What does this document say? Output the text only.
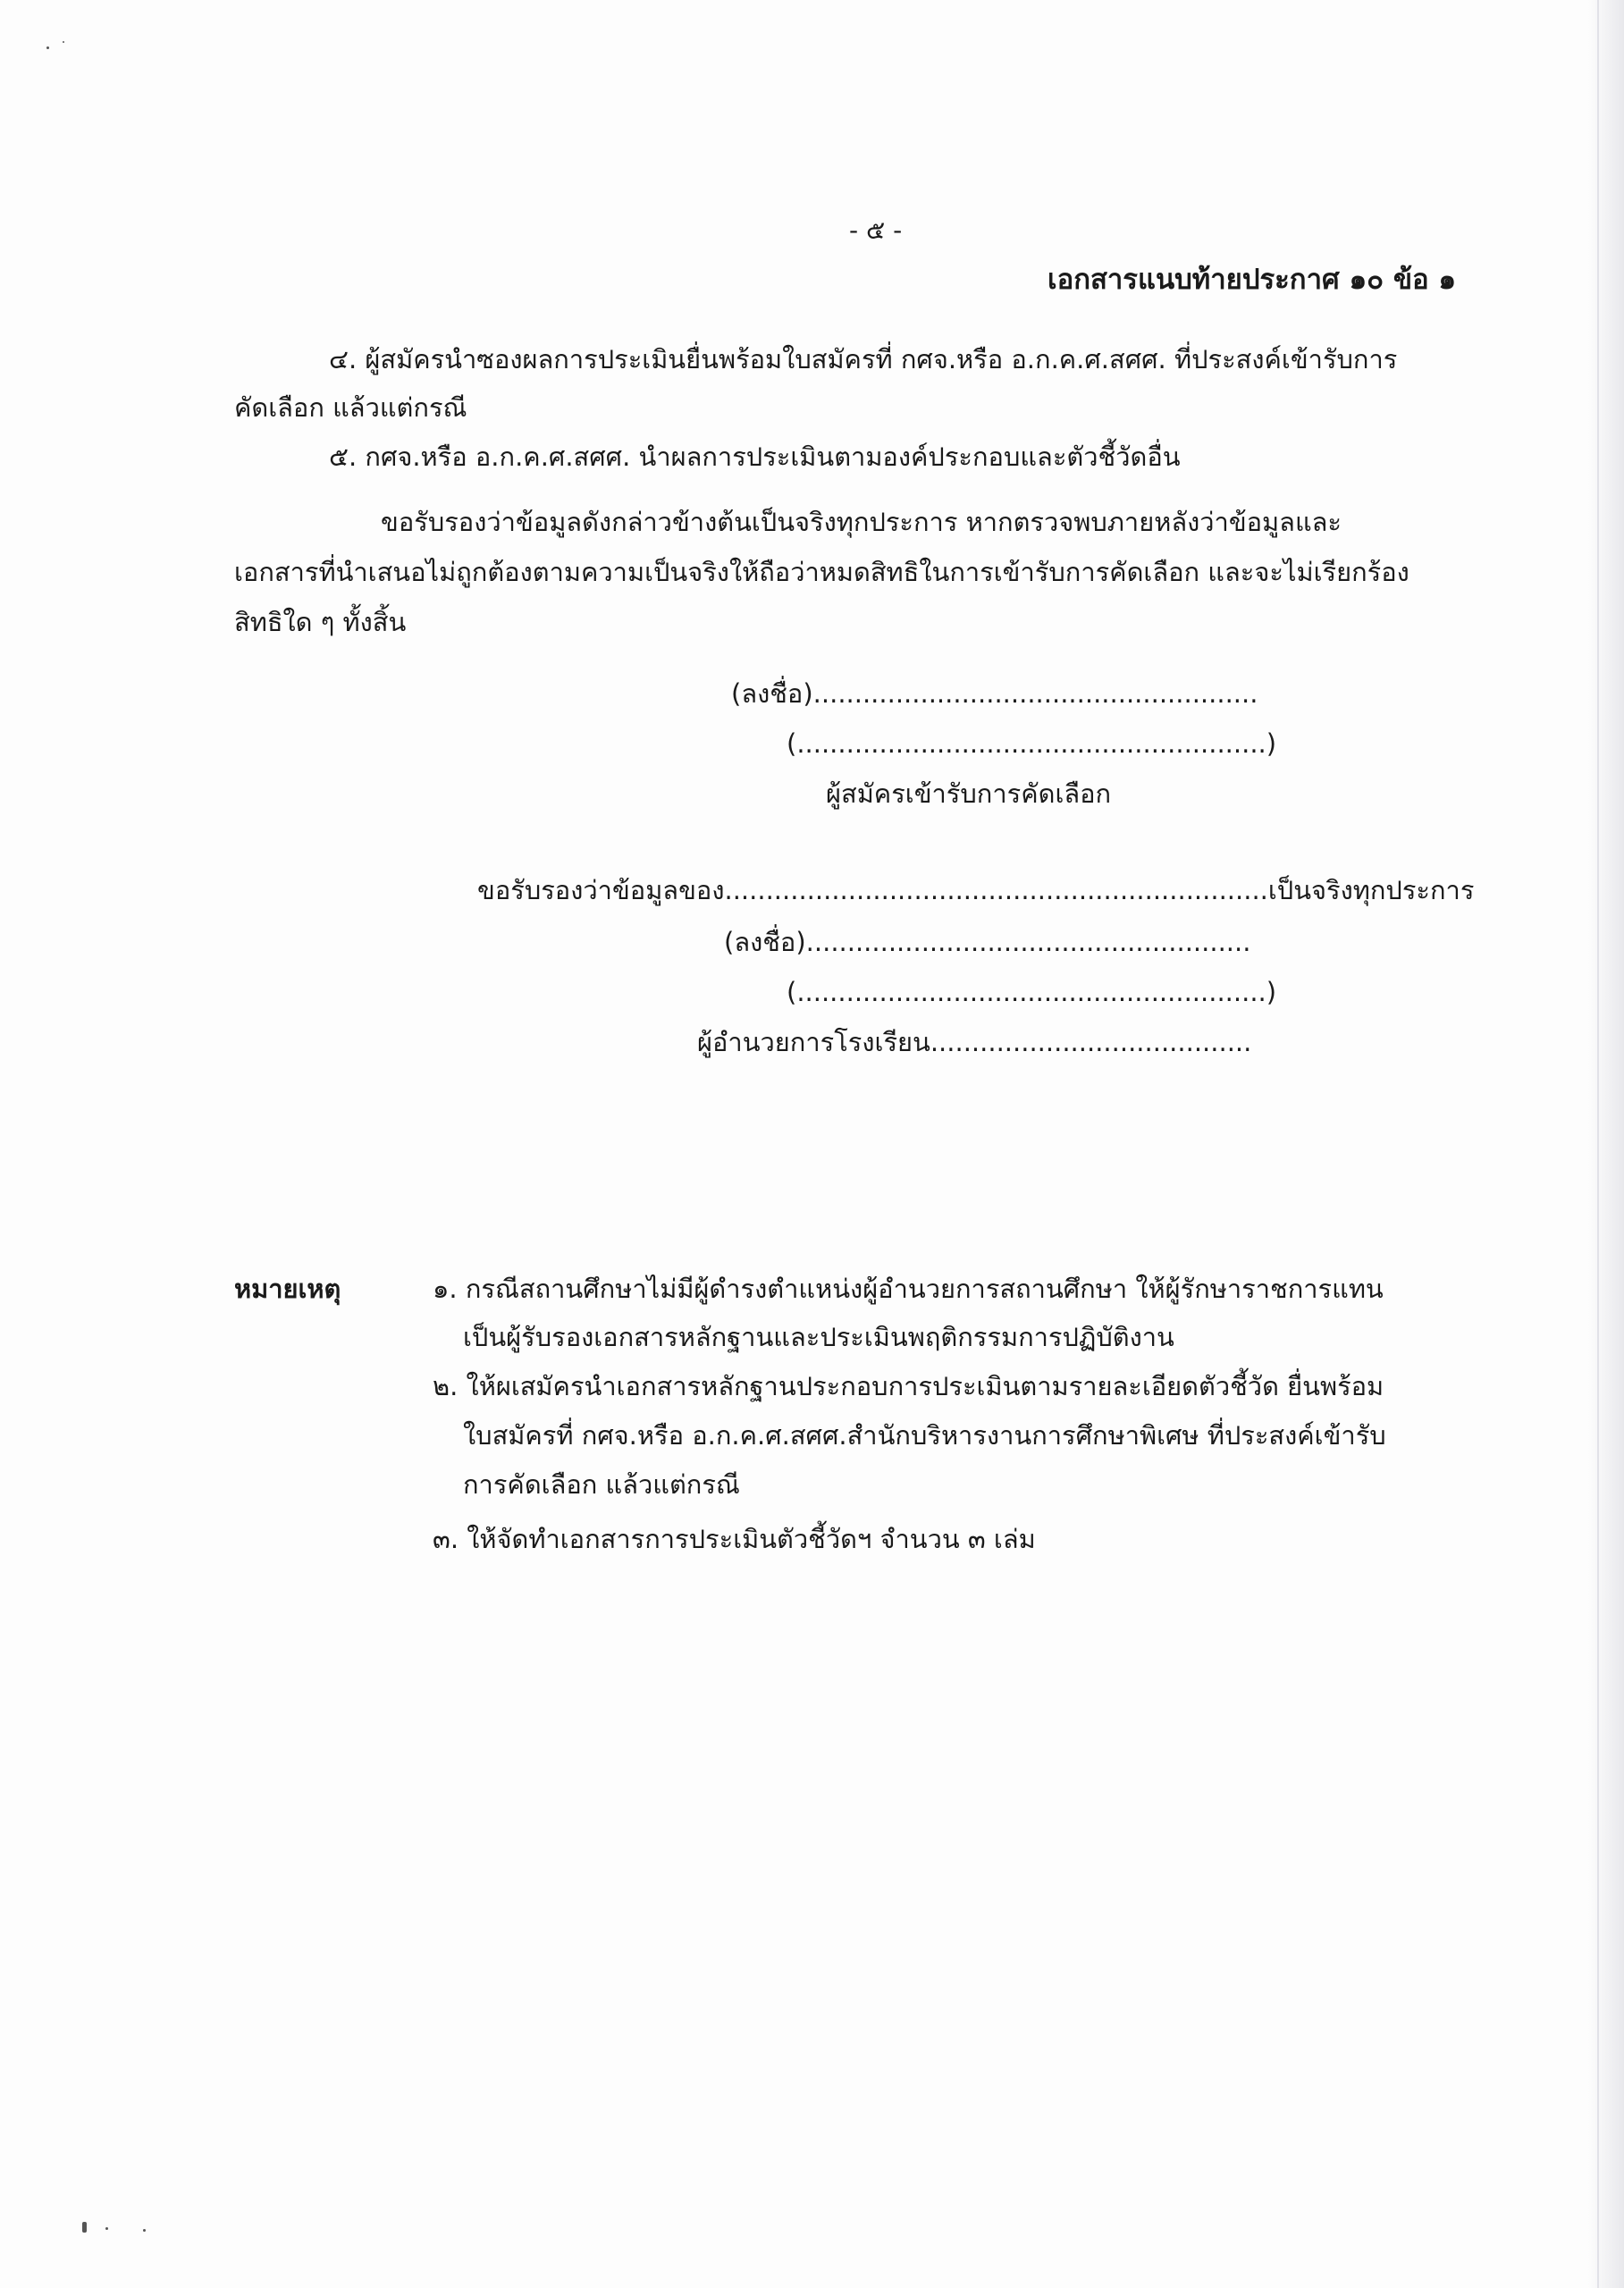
- ๕ -
เอกสารแนบท้ายประกาศ ๑๐ ข้อ ๑
๔. ผู้สมัครนำซองผลการประเมินยื่นพร้อมใบสมัครที่ กศจ.หรือ อ.ก.ค.ศ.สศศ. ที่ประสงค์เข้ารับการ
คัดเลือก แล้วแต่กรณี
๕. กศจ.หรือ อ.ก.ค.ศ.สศศ. นำผลการประเมินตามองค์ประกอบและตัวชี้วัดอื่น
ขอรับรองว่าข้อมูลดังกล่าวข้างต้นเป็นจริงทุกประการ หากตรวจพบภายหลังว่าข้อมูลและ
เอกสารที่นำเสนอไม่ถูกต้องตามความเป็นจริงให้ถือว่าหมดสิทธิในการเข้ารับการคัดเลือก และจะไม่เรียกร้อง
สิทธิใด ๆ ทั้งสิ้น
(ลงชื่อ)......................................................
(.........................................................)
ผู้สมัครเข้ารับการคัดเลือก
ขอรับรองว่าข้อมูลของ..................................................................เป็นจริงทุกประการ
(ลงชื่อ)......................................................
(.........................................................)
ผู้อำนวยการโรงเรียน.......................................
หมายเหตุ	๑. กรณีสถานศึกษาไม่มีผู้ดำรงตำแหน่งผู้อำนวยการสถานศึกษา ให้ผู้รักษาราชการแทน
เป็นผู้รับรองเอกสารหลักฐานและประเมินพฤติกรรมการปฏิบัติงาน
๒. ให้ผเสมัครนำเอกสารหลักฐานประกอบการประเมินตามรายละเอียดตัวชี้วัด ยื่นพร้อม
ใบสมัครที่ กศจ.หรือ อ.ก.ค.ศ.สศศ.สำนักบริหารงานการศึกษาพิเศษ ที่ประสงค์เข้ารับ
การคัดเลือก แล้วแต่กรณี
๓. ให้จัดทำเอกสารการประเมินตัวชี้วัดฯ จำนวน ๓ เล่ม
